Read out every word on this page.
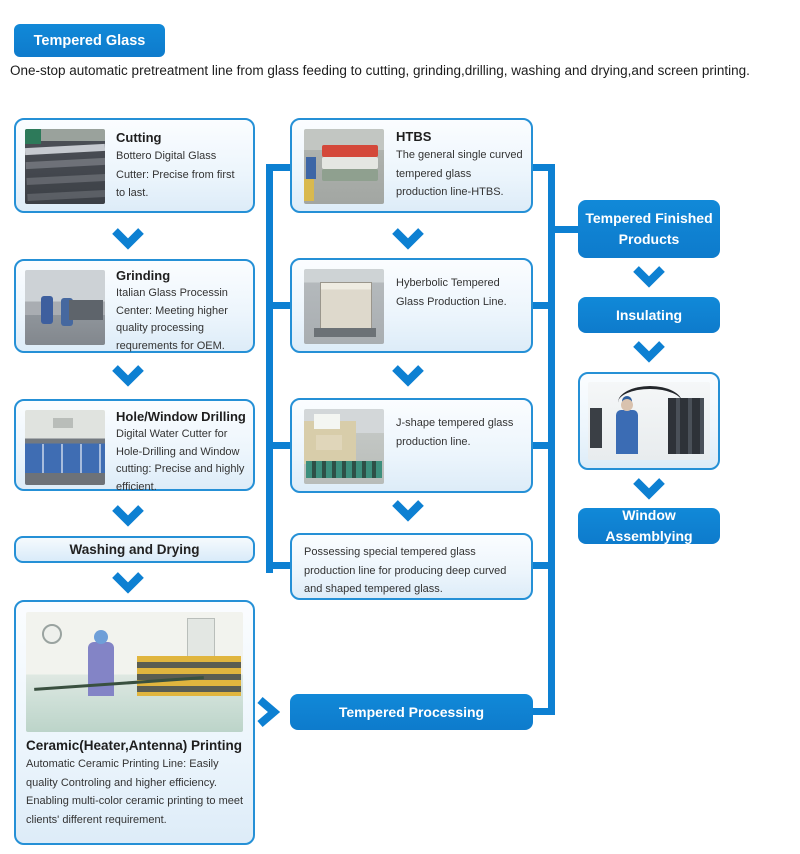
Tempered Glass
One-stop automatic pretreatment line from glass feeding to cutting, grinding,drilling, washing and drying,and screen printing.
Cutting
Bottero Digital Glass Cutter: Precise from first to last.
Grinding
Italian Glass Processin Center: Meeting higher quality processing requrements for OEM.
Hole/Window Drilling
Digital Water Cutter for Hole-Drilling and Window cutting: Precise and highly efficient.
Washing and Drying
Ceramic(Heater,Antenna) Printing
Automatic Ceramic Printing Line: Easily quality Controling and higher efficiency.
Enabling multi-color ceramic printing to meet clients' different requirement.
HTBS
The general single curved tempered glass production line-HTBS.
Hyberbolic Tempered Glass Production Line.
J-shape tempered glass production line.
Possessing special tempered glass production line for producing deep curved and shaped tempered glass.
Tempered Processing
Tempered Finished Products
Insulating
Window Assemblying
